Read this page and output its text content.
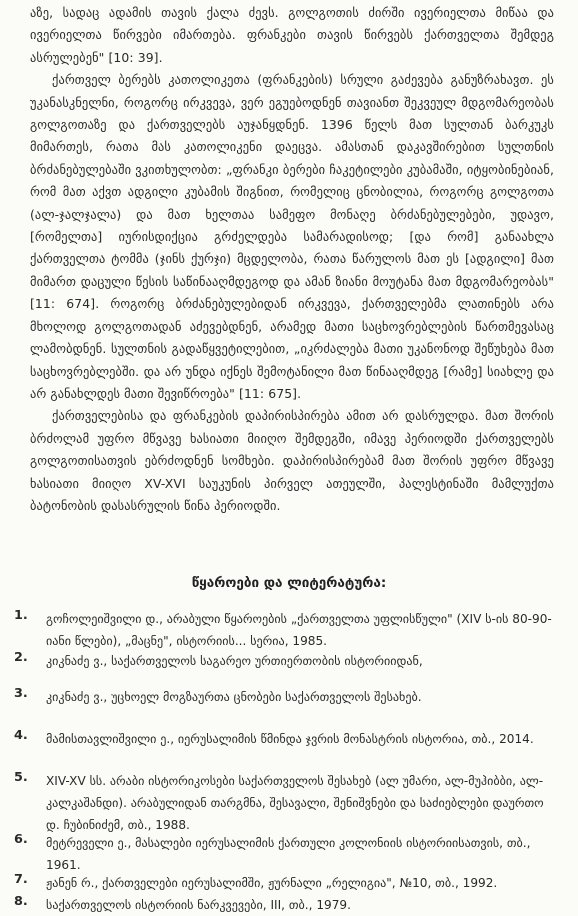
აზე, სადაც ადამის თავის ქალა ძევს. გოლგოთის ძირში ივერიელთა მიწაა და ივერიელთა წირვები იმართება. ფრანკები თავის წირვებს ქართველთა შემდეგ ასრულებენ" [10: 39].

ქართველ ბერებს კათოლიკეთა (ფრანკების) სრული გაძევება განუზრახავთ. ეს უკანასკნელნი, როგორც ირკვევა, ვერ ეგუებოდნენ თავიანთ შეკვეულ მდგომარეობას გოლგოთაზე და ქართველებს აუჯანყდნენ. 1396 წელს მათ სულთან ბარკუკს მიმართეს, რათა მას კათოლიკენი დაეცვა. ამასთან დაკავშირებით სულთნის ბრძანებულებაში ვკითხულობთ: „ფრანკი ბერები ჩაკეტილები კუბამაში, იტყობინებიან, რომ მათ აქვთ ადგილი კუბამის შიგნით, რომელიც ცნობილია, როგორც გოლგოთა (ალ-ჯალჯალა) და მათ ხელთაა სამეფო მონაღე ბრძანებულებები, უდავო, [რომელთა] იურისდიქცია გრძელდება სამარადისოდ; [და რომ] განაახლა ქართველთა ტომმა (ჯინს ქურჯი) მცდელობა, რათა წარულოს მათ ეს [ადგილი] მათ მიმართ დაცული წესის საწინააღმდეგოდ და ამან ზიანი მოუტანა მათ მდგომარეობას" [11: 674]. როგორც ბრძანებულებიდან ირკვევა, ქართველებმა ლათინებს არა მხოლოდ გოლგოთადან აძევებდნენ, არამედ მათი საცხოვრებლების წართმევასაც ლამობდნენ. სულთნის გადაწყვეტილებით, „იკრძალება მათი უკანონოდ შეწუხება მათ საცხოვრებლებში. და არ უნდა იქნეს შემოტანილი მათ წინააღმდეგ [რამე] სიახლე და არ განახლდეს მათი შევიწროება" [11: 675].

ქართველებისა და ფრანკების დაპირისპირება ამით არ დასრულდა. მათ შორის ბრძოლამ უფრო მწვავე ხასიათი მიიღო შემდეგში, იმავე პერიოდში ქართველებს გოლგოთისათვის ებრძოდნენ სომხები. დაპირისპირებამ მათ შორის უფრო მწვავე ხასიათი მიიღო XV-XVI საუკუნის პირველ ათეულში, პალესტინაში მამლუქთა ბატონობის დასასრულის წინა პერიოდში.

წყაროები და ლიტერატურა:
1.	გოჩოლეიშვილი დ., არაბული წყაროების „ქართველთა უფლისწული" (XIV ს-ის 80-90-იანი წლები), „მაცნე", ისტორიის... სერია, 1985.
2.	კიკნაძე ვ., საქართველოს საგარეო ურთიერთობის ისტორიიდან,
3.	კიკნაძე ვ., უცხოელ მოგზაურთა ცნობები საქართველოს შესახებ.
4.	მამისთავლიშვილი ე., იერუსალიმის წმინდა ჯვრის მონასტრის ისტორია, თბ., 2014.
5.	XIV-XV სს. არაბი ისტორიკოსები საქართველოს შესახებ (ალ უმარი, ალ-მუჰიბბი, ალ-კალკაშანდი). არაბულიდან თარგმნა, შესავალი, შენიშვნები და საძიებლები დაურთო დ. ჩუბინიძემ, თბ., 1988.
6.	მეტრეველი ე., მასალები იერუსალიმის ქართული კოლონიის ისტორიისათვის, თბ., 1961.
7.	ჟანენ რ., ქართველები იერუსალიმში, ჟურნალი „რელიგია", №10, თბ., 1992.
8.	საქართველოს ისტორიის ნარკვევები, III, თბ., 1979.
